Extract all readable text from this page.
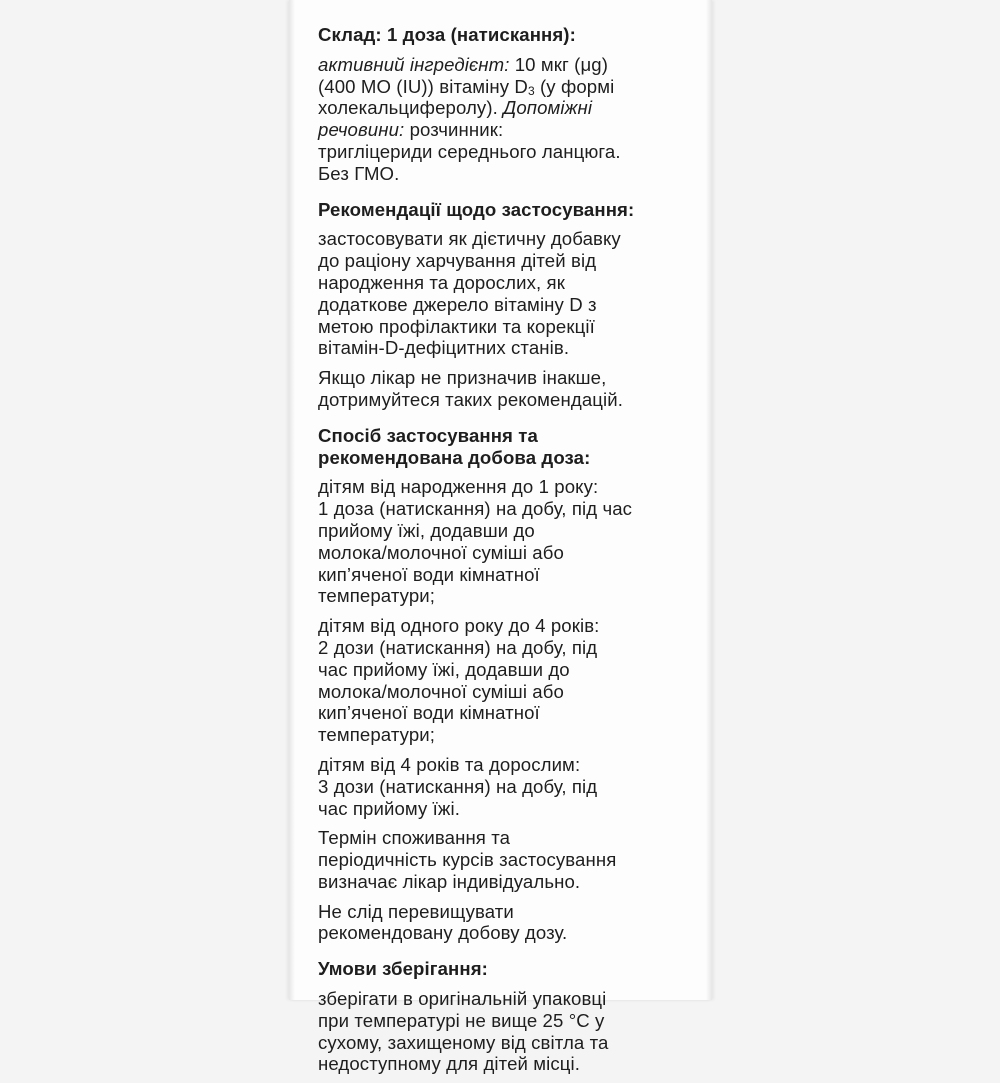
Склад: 1 доза (натискання):
активний інгредієнт: 10 мкг (μg)
(400 МО (IU)) вітаміну $D_3$ (у формі
холекальциферолу). Допоміжні
речовини: розчинник:
тригліцериди середнього ланцюга.
Без ГМО.
Рекомендації щодо застосування:
застосовувати як дієтичну добавку
до раціону харчування дітей від
народження та дорослих, як
додаткове джерело вітаміну D з
метою профілактики та корекції
вітамін-D-дефіцитних станів.
Якщо лікар не призначив інакше,
дотримуйтеся таких рекомендацій.
Спосіб застосування та
рекомендована добова доза:
дітям від народження до 1 року:
1 доза (натискання) на добу, під час
прийому їжі, додавши до
молока/молочної суміші або
кип’яченої води кімнатної
температури;
дітям від одного року до 4 років:
2 дози (натискання) на добу, під
час прийому їжі, додавши до
молока/молочної суміші або
кип’яченої води кімнатної
температури;
дітям від 4 років та дорослим:
3 дози (натискання) на добу, під
час прийому їжі.
Термін споживання та
періодичність курсів застосування
визначає лікар індивідуально.
Не слід перевищувати
рекомендовану добову дозу.
Умови зберігання:
зберігати в оригінальній упаковці
при температурі не вище 25 °C у
сухому, захищеному від світла та
недоступному для дітей місці.
